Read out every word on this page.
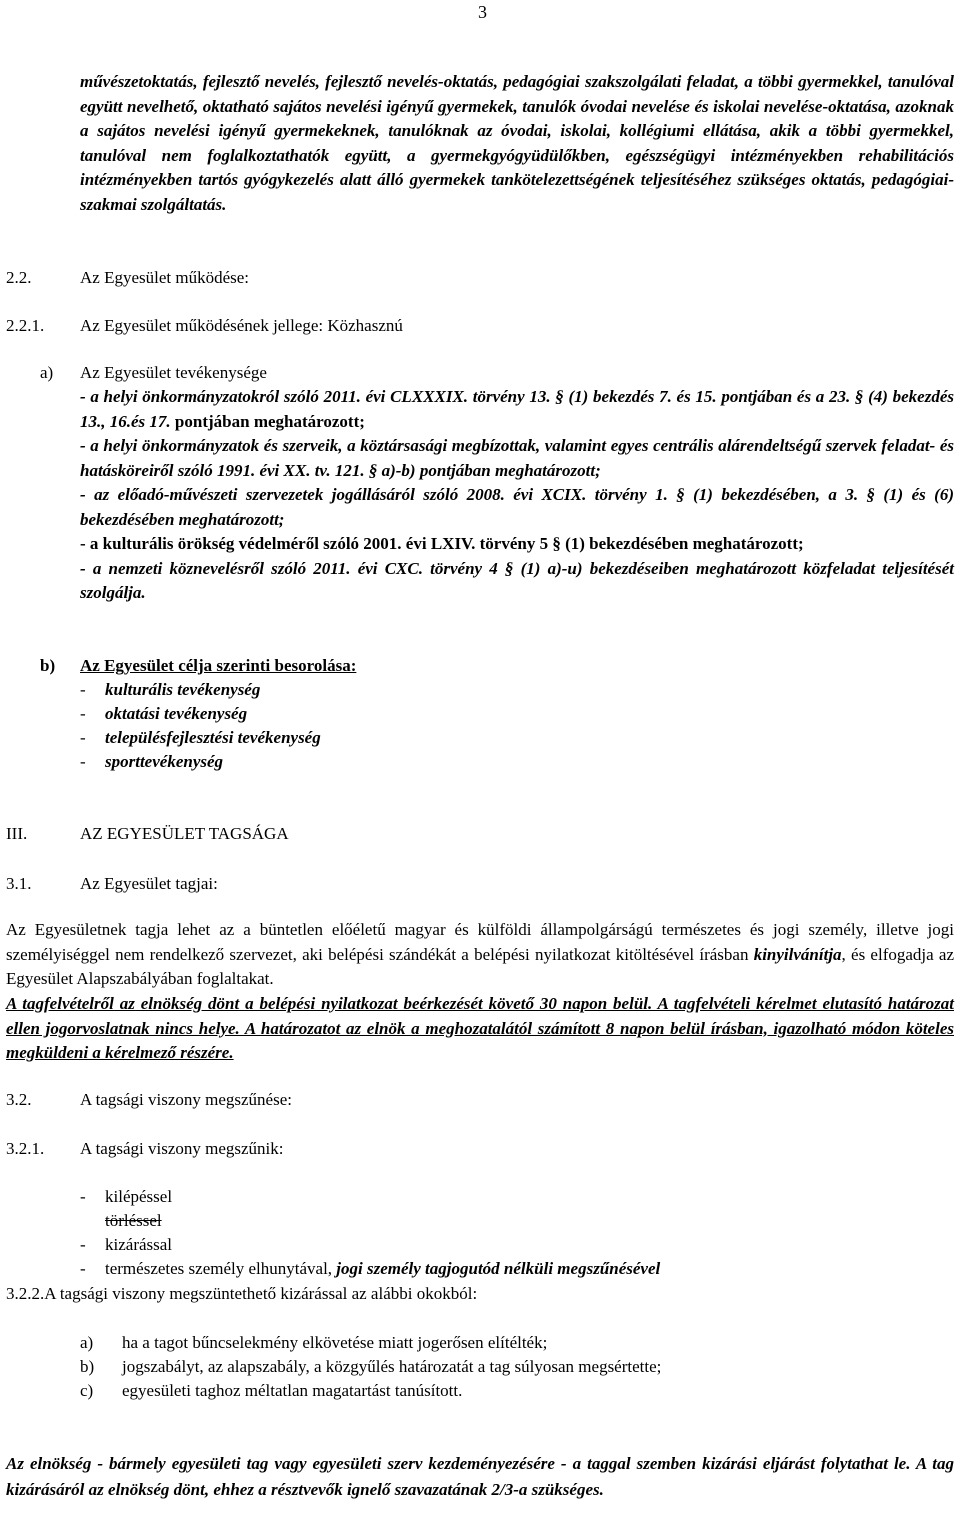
3

művészetoktatás, fejlesztő nevelés, fejlesztő nevelés-oktatás, pedagógiai szakszolgálati feladat, a többi gyermekkel, tanulóval együtt nevelhető, oktatható sajátos nevelési igényű gyermekek, tanulók óvodai nevelése és iskolai nevelése-oktatása, azoknak a sajátos nevelési igényű gyermekeknek, tanulóknak az óvodai, iskolai, kollégiumi ellátása, akik a többi gyermekkel, tanulóval nem foglalkoztathatók együtt, a gyermekgyógyüdülőkben, egészségügyi intézményekben rehabilitációs intézményekben tartós gyógykezelés alatt álló gyermekek tankötelezettségének teljesítéséhez szükséges oktatás, pedagógiai-szakmai szolgáltatás.

2.2.	Az Egyesület működése:
2.2.1. Az Egyesület működésének jellege: Közhasznú
a) Az Egyesület tevékenysége

- a helyi önkormányzatokról szóló 2011. évi CLXXXIX. törvény 13. § (1) bekezdés 7. és 15. pontjában és a 23. § (4) bekezdés 13., 16.és 17. pontjában meghatározott;

- a helyi önkormányzatok és szerveik, a köztársasági megbízottak, valamint egyes centrális alárendeltségű szervek feladat- és hatásköreiről szóló 1991. évi XX. tv. 121. § a)-b) pontjában meghatározott;

- az előadó-művészeti szervezetek jogállásáról szóló 2008. évi XCIX. törvény 1. § (1) bekezdésében, a 3. § (1) és (6) bekezdésében meghatározott;

- a kulturális örökség védelméről szóló 2001. évi LXIV. törvény 5 § (1) bekezdésében meghatározott;

- a nemzeti köznevelésről szóló 2011. évi CXC. törvény 4 § (1) a)-u) bekezdéseiben meghatározott közfeladat teljesítését szolgálja.

b) Az Egyesület célja szerinti besorolása:
- kulturális tevékenység
- oktatási tevékenység
- településfejlesztési tevékenység
- sporttevékenység
III.	AZ EGYESÜLET TAGSÁGA
3.1.	Az Egyesület tagjai:

Az Egyesületnek tagja lehet az a büntetlen előéletű magyar és külföldi állampolgárságú természetes és jogi személy, illetve jogi személyiséggel nem rendelkező szervezet, aki belépési szándékát a belépési nyilatkozat kitöltésével írásban kinyilvánítja, és elfogadja az Egyesület Alapszabályában foglaltakat.

A tagfelvételről az elnökség dönt a belépési nyilatkozat beérkezését követő 30 napon belül. A tagfelvételi kérelmet elutasító határozat ellen jogorvoslatnak nincs helye. A határozatot az elnök a meghozatalától számított 8 napon belül írásban, igazolható módon köteles megküldeni a kérelmező részére.

3.2.	A tagsági viszony megszűnése:
3.2.1. A tagsági viszony megszűnik:
- kilépéssel
törléssel
- kizárással
- természetes személy elhunytával, jogi személy tagjogutód nélküli megszűnésével
3.2.2.A tagsági viszony megszüntethető kizárással az alábbi okokból:
a) ha a tagot bűncselekmény elkövetése miatt jogerősen elítélték;
b) jogszabályt, az alapszabály, a közgyűlés határozatát a tag súlyosan megsértette;
c) egyesületi taghoz méltatlan magatartást tanúsított.

Az elnökség - bármely egyesületi tag vagy egyesületi szerv kezdeményezésére - a taggal szemben kizárási eljárást folytathat le. A tag kizárásáról az elnökség dönt, ehhez a résztvevők ignelő szavazatának 2/3-a szükséges.
